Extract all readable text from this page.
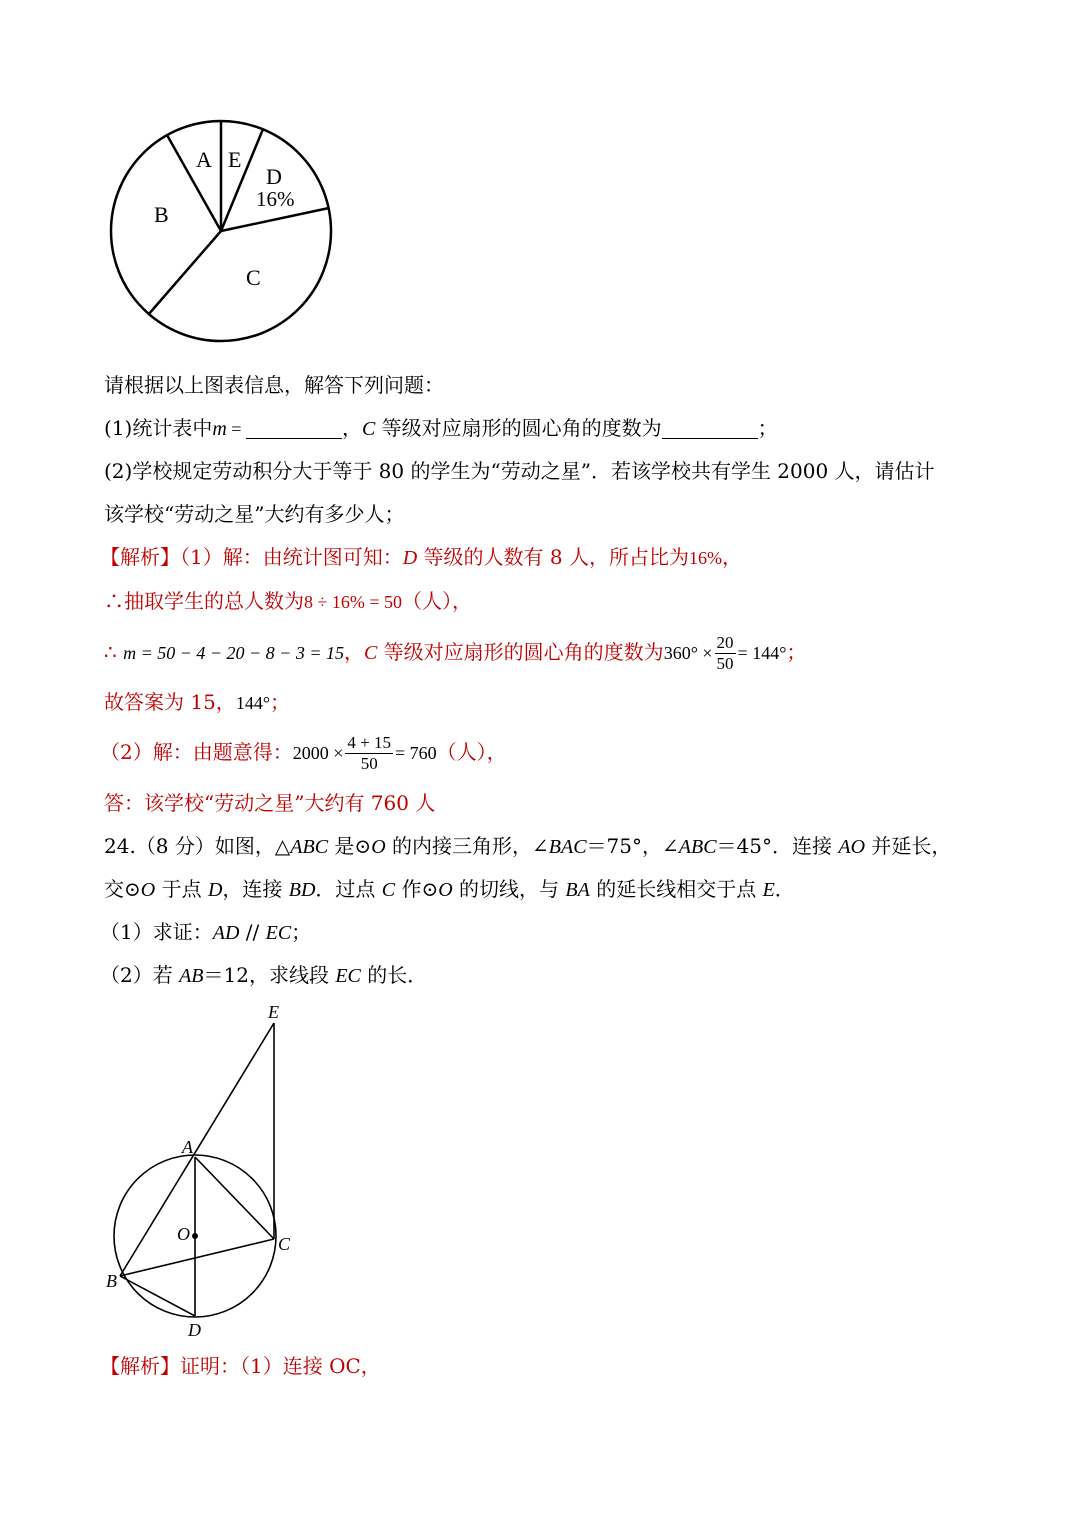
A E
D
16%
B
C
请根据以上图表信息，解答下列问题：
(1)统计表中m =	，C 等级对应扇形的圆心角的度数为	；
(2)学校规定劳动积分大于等于 80 的学生为“劳动之星”．若该学校共有学生 2000 人，请估计
该学校“劳动之星”大约有多少人；
【解析】（1）解：由统计图可知：D 等级的人数有 8 人，所占比为16%，
∴抽取学生的总人数为8 ÷ 16% = 50（人），
∴ m = 50 − 4 − 20 − 8 − 3 = 15，C 等级对应扇形的圆心角的度数为$360^\circ \times \frac{20}{50} = 144^\circ$；
故答案为 15，144°；
（2）解：由题意得：$2000 \times \frac{4 + 15}{50} = 760$（人），
答：该学校“劳动之星”大约有 760 人
24.（8 分）如图，△ABC 是⊙O 的内接三角形，∠BAC＝75°，∠ABC＝45°．连接 AO 并延长，
交⊙O 于点 D，连接 BD．过点 C 作⊙O 的切线，与 BA 的延长线相交于点 E．
（1）求证：AD // EC；
（2）若 AB＝12，求线段 EC 的长．
E
A
O	C
B
D
【解析】证明：（1）连接 OC，
